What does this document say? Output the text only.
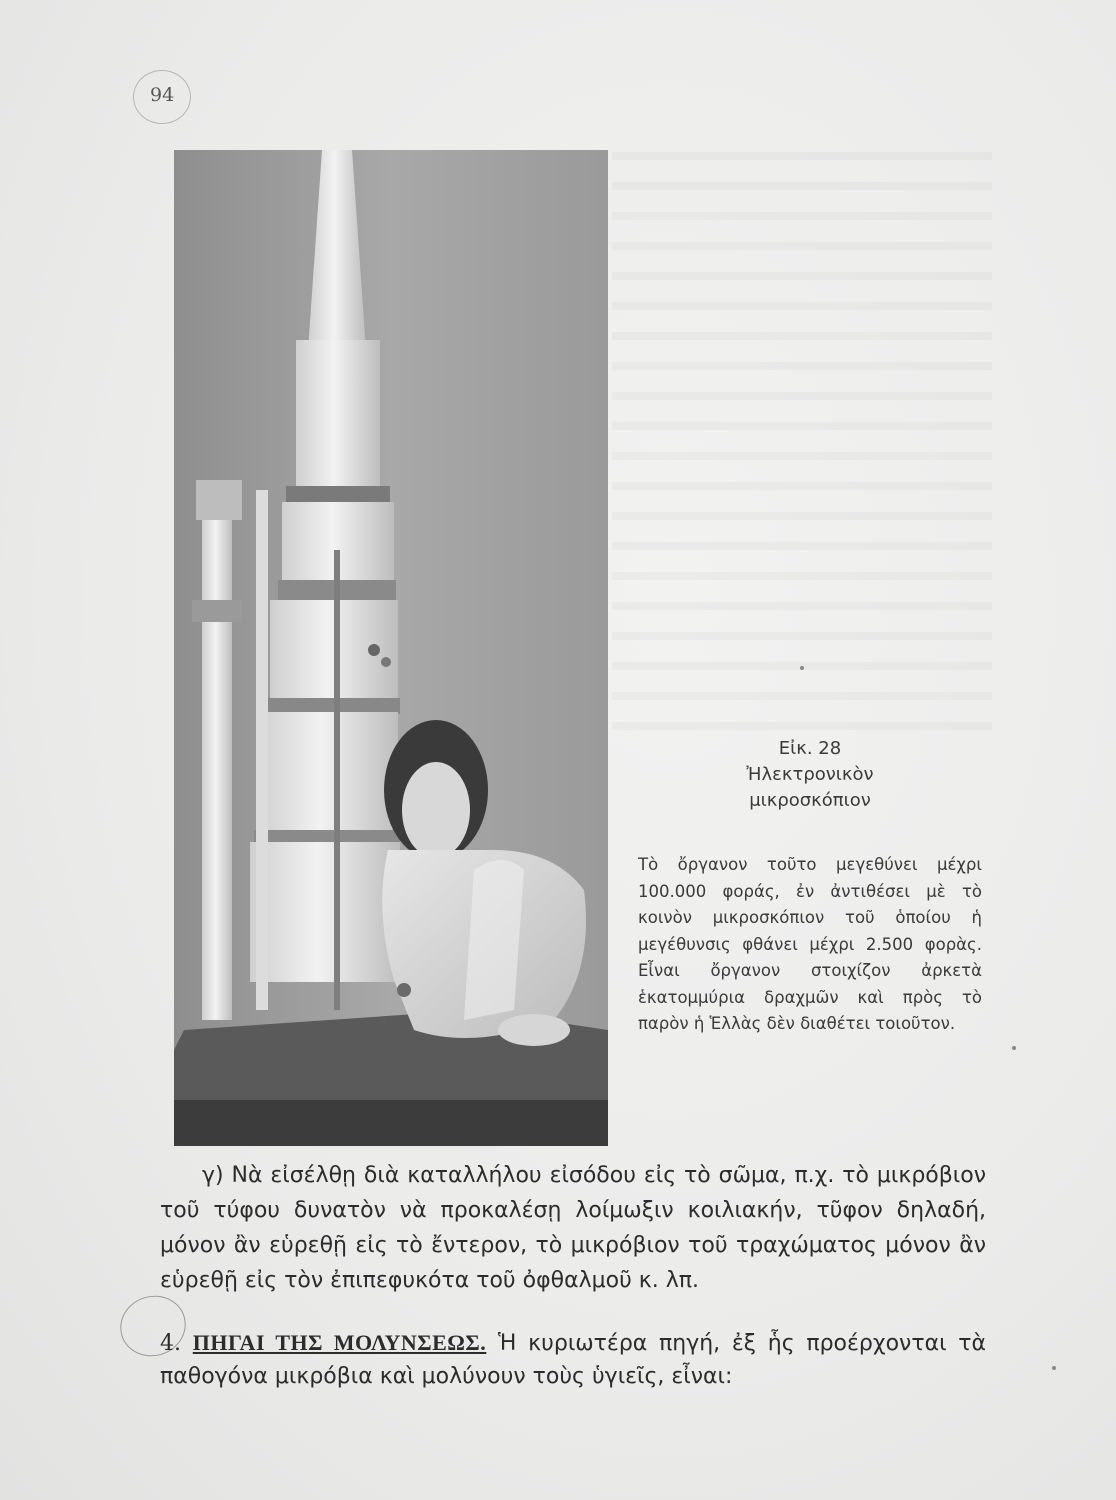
94

Εἰκ. 28

Ἠλεκτρονικὸν

μικροσκόπιον

Τὸ ὄργανον τοῦτο μεγεθύνει μέχρι 100.000 φοράς, ἐν ἀντιθέσει μὲ τὸ κοινὸν μικροσκόπιον τοῦ ὁποίου ἡ μεγέθυνσις φθάνει μέχρι 2.500 φορὰς. Εἶναι ὄργανον στοιχίζον ἀρκετὰ ἑκατομμύρια δραχμῶν καὶ πρὸς τὸ παρὸν ἡ Ἑλλὰς δὲν διαθέτει τοιοῦτον.

γ) Νὰ εἰσέλθῃ διὰ καταλλήλου εἰσόδου εἰς τὸ σῶμα, π.χ. τὸ μικρόβιον τοῦ τύφου δυνατὸν νὰ προκαλέσῃ λοίμωξιν κοιλιακήν, τῦφον δηλαδή, μόνον ἂν εὑρεθῇ εἰς τὸ ἔντερον, τὸ μικρόβιον τοῦ τραχώματος μόνον ἂν εὑρεθῇ εἰς τὸν ἐπιπεφυκότα τοῦ ὀφθαλμοῦ κ. λπ.

4. ΠΗΓΑΙ ΤΗΣ ΜΟΛΥΝΣΕΩΣ. Ἡ κυριωτέρα πηγή, ἐξ ἧς προέρχονται τὰ παθογόνα μικρόβια καὶ μολύνουν τοὺς ὑγιεῖς, εἶναι:
